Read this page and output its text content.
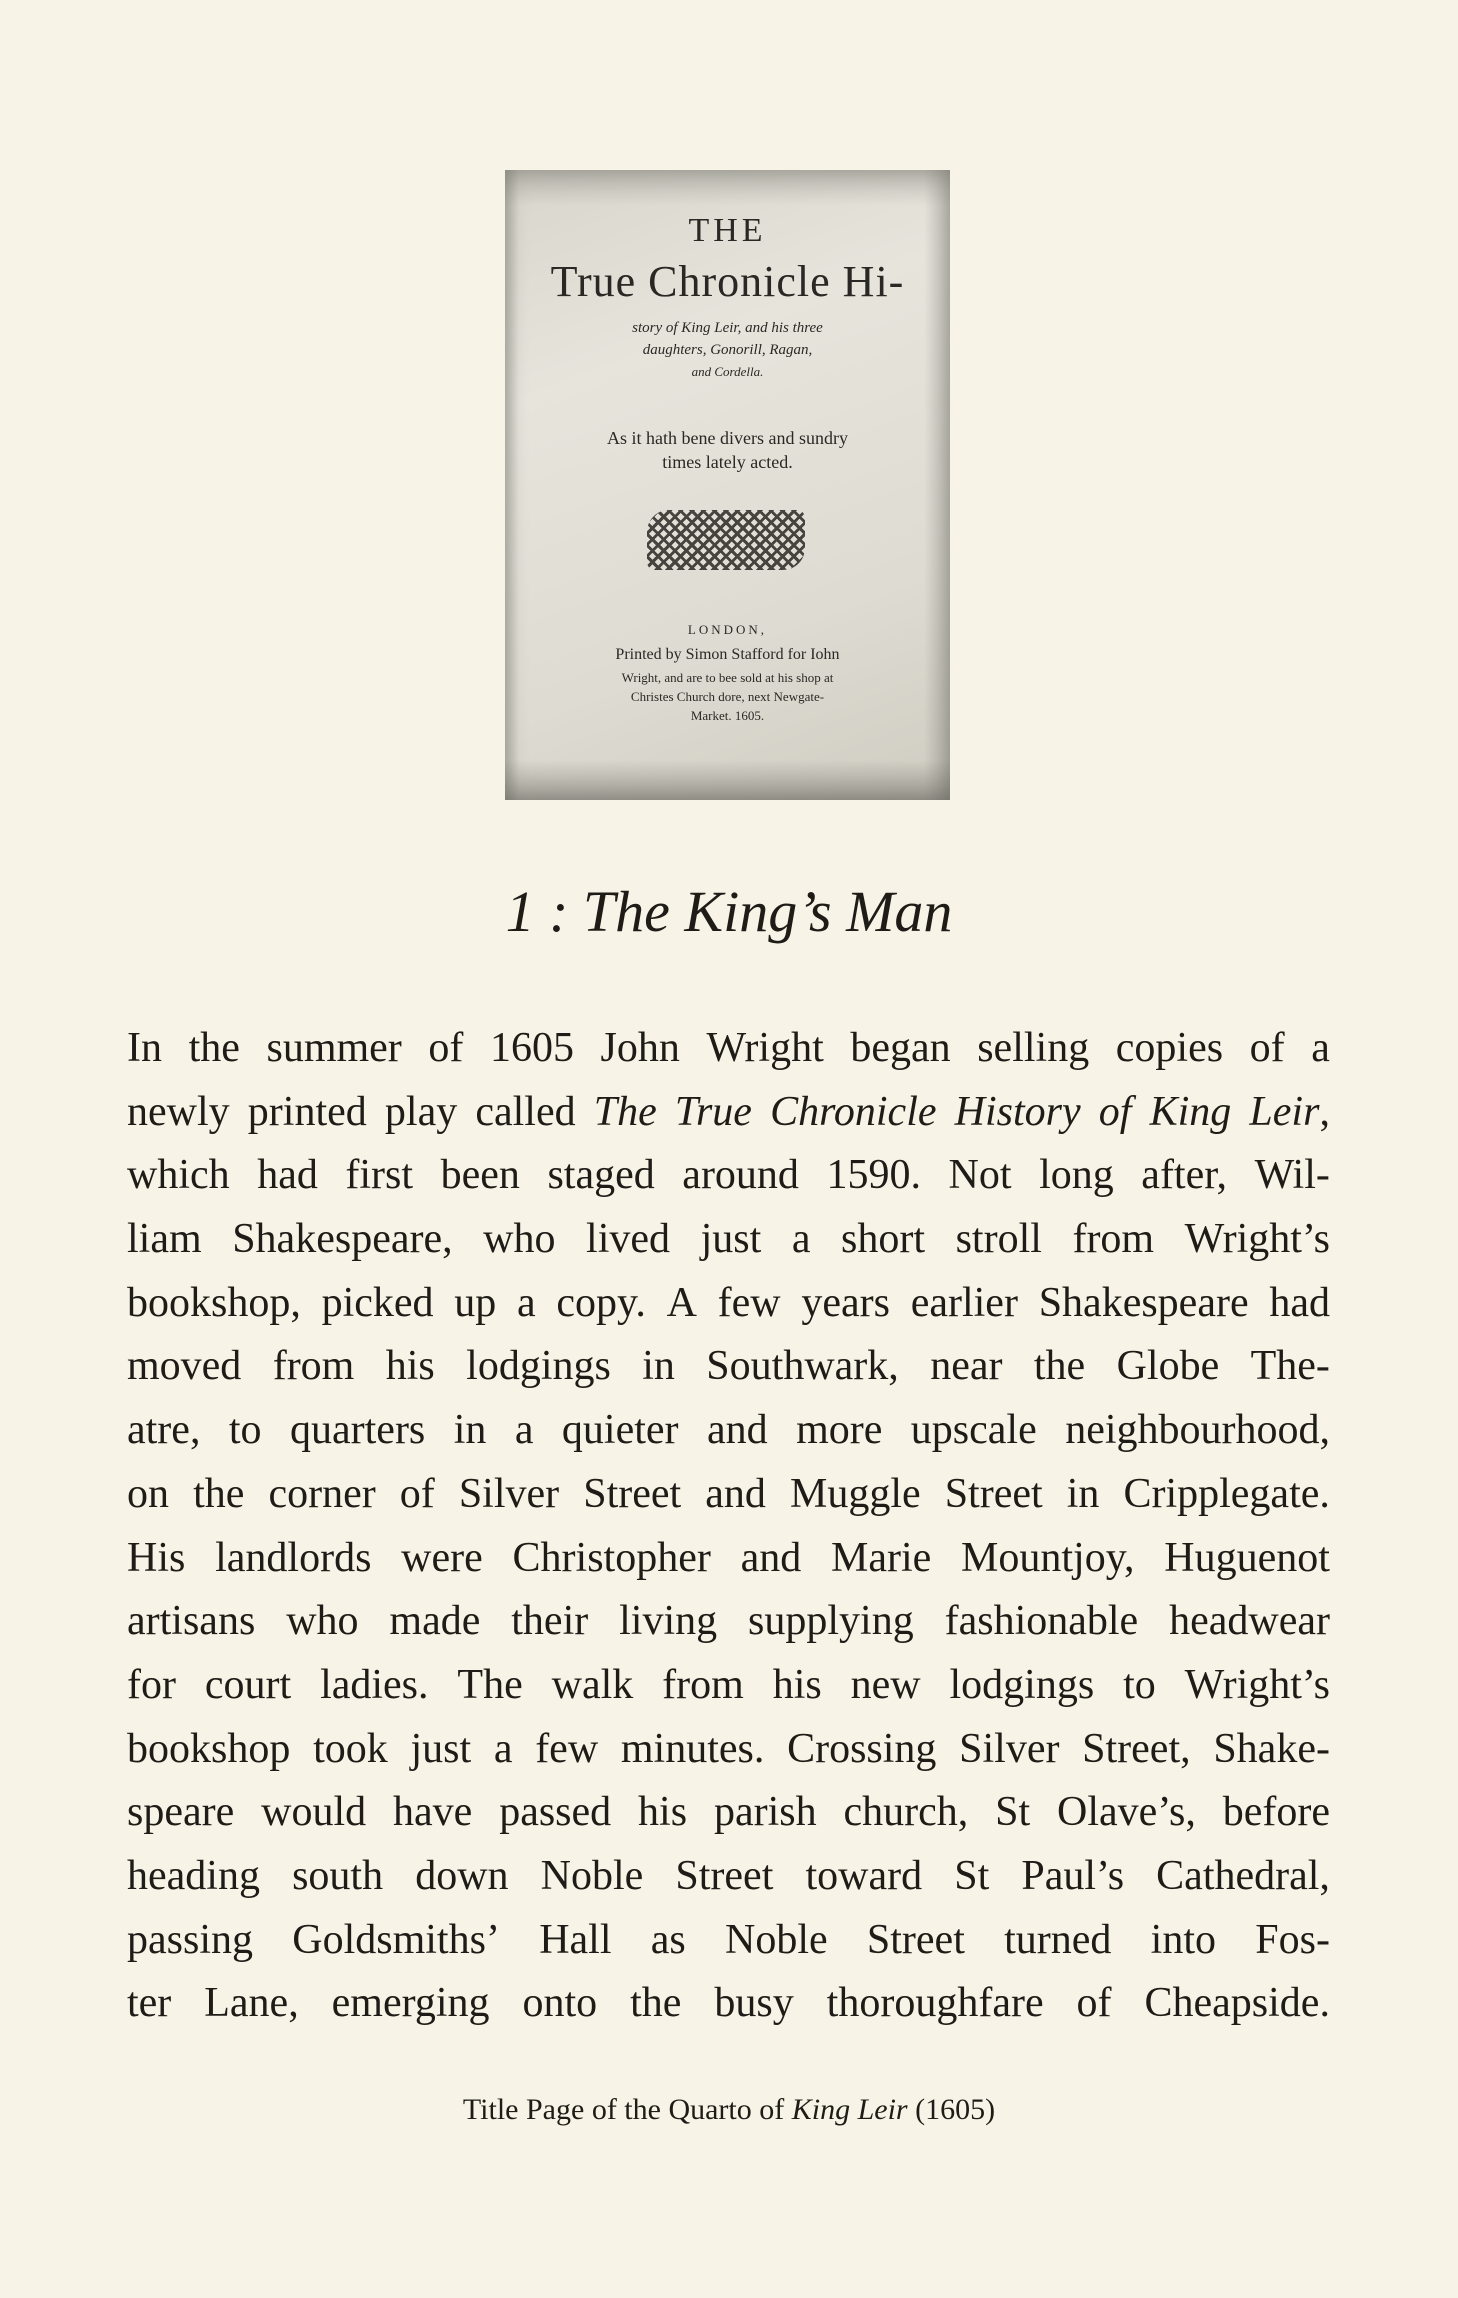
THE
True Chronicle Hi-
story of King Leir, and his three
daughters, Gonorill, Ragan,
and Cordella.
As it hath bene divers and sundry
times lately acted.
LONDON,
Printed by Simon Stafford for Iohn
Wright, and are to bee sold at his shop at
Christes Church dore, next Newgate-
Market. 1605.
1 : The King’s Man
In the summer of 1605 John Wright began selling copies of a
newly printed play called The True Chronicle History of King Leir,
which had first been staged around 1590. Not long after, Wil-
liam Shakespeare, who lived just a short stroll from Wright’s
bookshop, picked up a copy. A few years earlier Shakespeare had
moved from his lodgings in Southwark, near the Globe The-
atre, to quarters in a quieter and more upscale neighbourhood,
on the corner of Silver Street and Muggle Street in Cripplegate.
His landlords were Christopher and Marie Mountjoy, Huguenot
artisans who made their living supplying fashionable headwear
for court ladies. The walk from his new lodgings to Wright’s
bookshop took just a few minutes. Crossing Silver Street, Shake-
speare would have passed his parish church, St Olave’s, before
heading south down Noble Street toward St Paul’s Cathedral,
passing Goldsmiths’ Hall as Noble Street turned into Fos-
ter Lane, emerging onto the busy thoroughfare of Cheapside.
Title Page of the Quarto of King Leir (1605)
